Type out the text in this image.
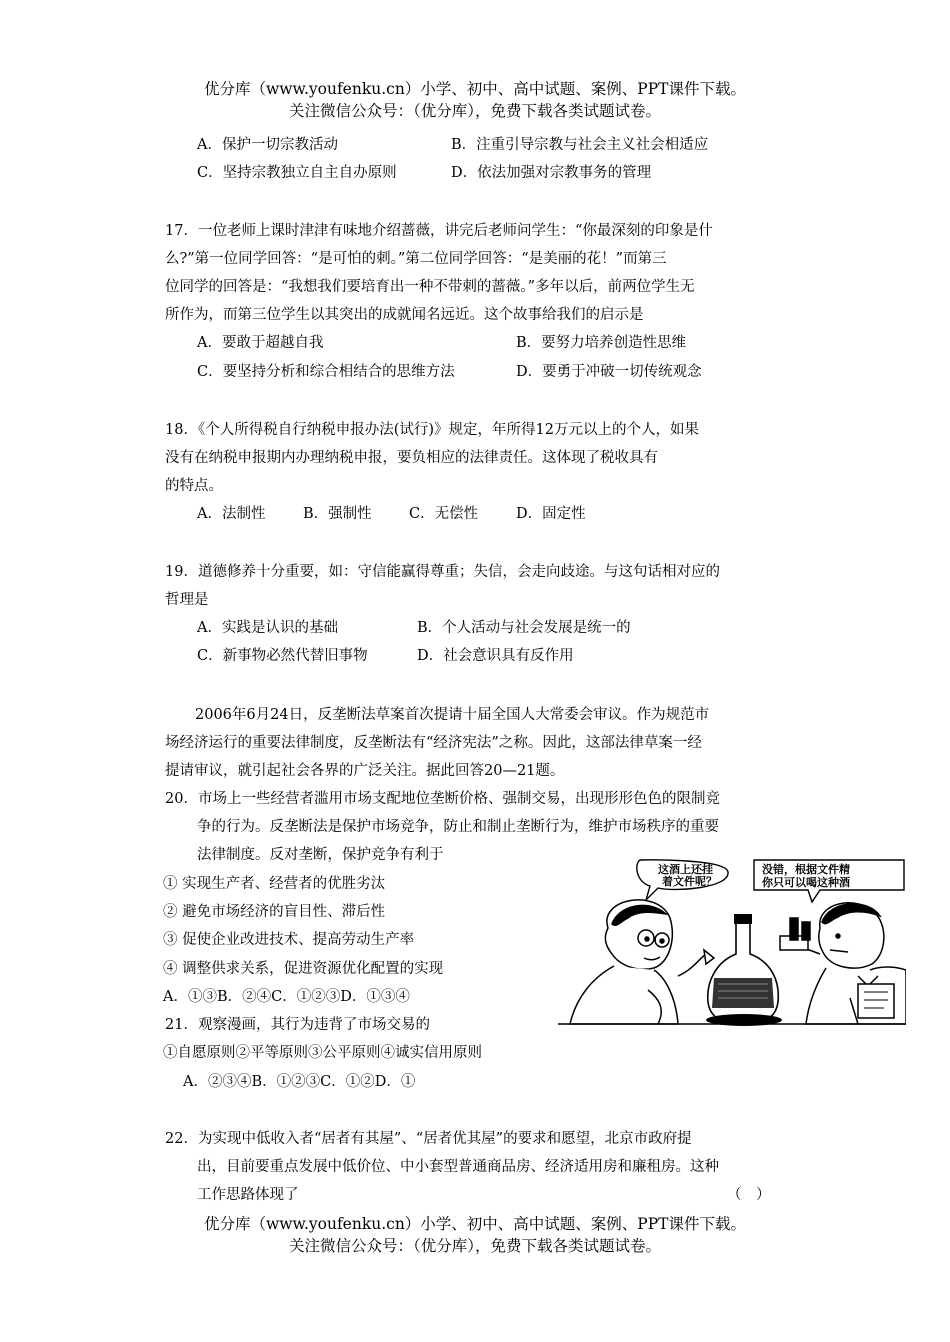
优分库（www.youfenku.cn）小学、初中、高中试题、案例、PPT课件下载。
关注微信公众号：（优分库），免费下载各类试题试卷。
A．保护一切宗教活动	B．注重引导宗教与社会主义社会相适应
C．坚持宗教独立自主自办原则	D．依法加强对宗教事务的管理
17．一位老师上课时津津有味地介绍蔷薇，讲完后老师问学生：“你最深刻的印象是什
么?”第一位同学回答：“是可怕的刺。”第二位同学回答：“是美丽的花！”而第三
位同学的回答是：“我想我们要培育出一种不带刺的蔷薇。”多年以后，前两位学生无
所作为，而第三位学生以其突出的成就闻名远近。这个故事给我们的启示是
A．要敢于超越自我	B．要努力培养创造性思维
C．要坚持分析和综合相结合的思维方法	D．要勇于冲破一切传统观念
18．《个人所得税自行纳税申报办法(试行)》规定，年所得12万元以上的个人，如果
没有在纳税申报期内办理纳税申报，要负相应的法律责任。这体现了税收具有
的特点。
A．法制性	B．强制性	C．无偿性	D．固定性
19．道德修养十分重要，如：守信能赢得尊重；失信，会走向歧途。与这句话相对应的
哲理是
A．实践是认识的基础	B．个人活动与社会发展是统一的
C．新事物必然代替旧事物	D．社会意识具有反作用
2006年6月24日，反垄断法草案首次提请十届全国人大常委会审议。作为规范市
场经济运行的重要法律制度，反垄断法有“经济宪法”之称。因此，这部法律草案一经
提请审议，就引起社会各界的广泛关注。据此回答20—21题。
20．市场上一些经营者滥用市场支配地位垄断价格、强制交易，出现形形色色的限制竞
争的行为。反垄断法是保护市场竞争，防止和制止垄断行为，维护市场秩序的重要
法律制度。反对垄断，保护竞争有利于
① 实现生产者、经营者的优胜劣汰
② 避免市场经济的盲目性、滞后性
③ 促使企业改进技术、提高劳动生产率
④ 调整供求关系，促进资源优化配置的实现
A．①③B．②④C．①②③D．①③④
21．观察漫画，其行为违背了市场交易的
①自愿原则②平等原则③公平原则④诚实信用原则
A．②③④B．①②③C．①②D．①
22．为实现中低收入者“居者有其屋”、“居者优其屋”的要求和愿望，北京市政府提
出，目前要重点发展中低价位、中小套型普通商品房、经济适用房和廉租房。这种
工作思路体现了	（　）
优分库（www.youfenku.cn）小学、初中、高中试题、案例、PPT课件下载。
关注微信公众号：（优分库），免费下载各类试题试卷。
这酒上还挂
着文件呢？
没错，根据文件精
你只可以喝这种酒
